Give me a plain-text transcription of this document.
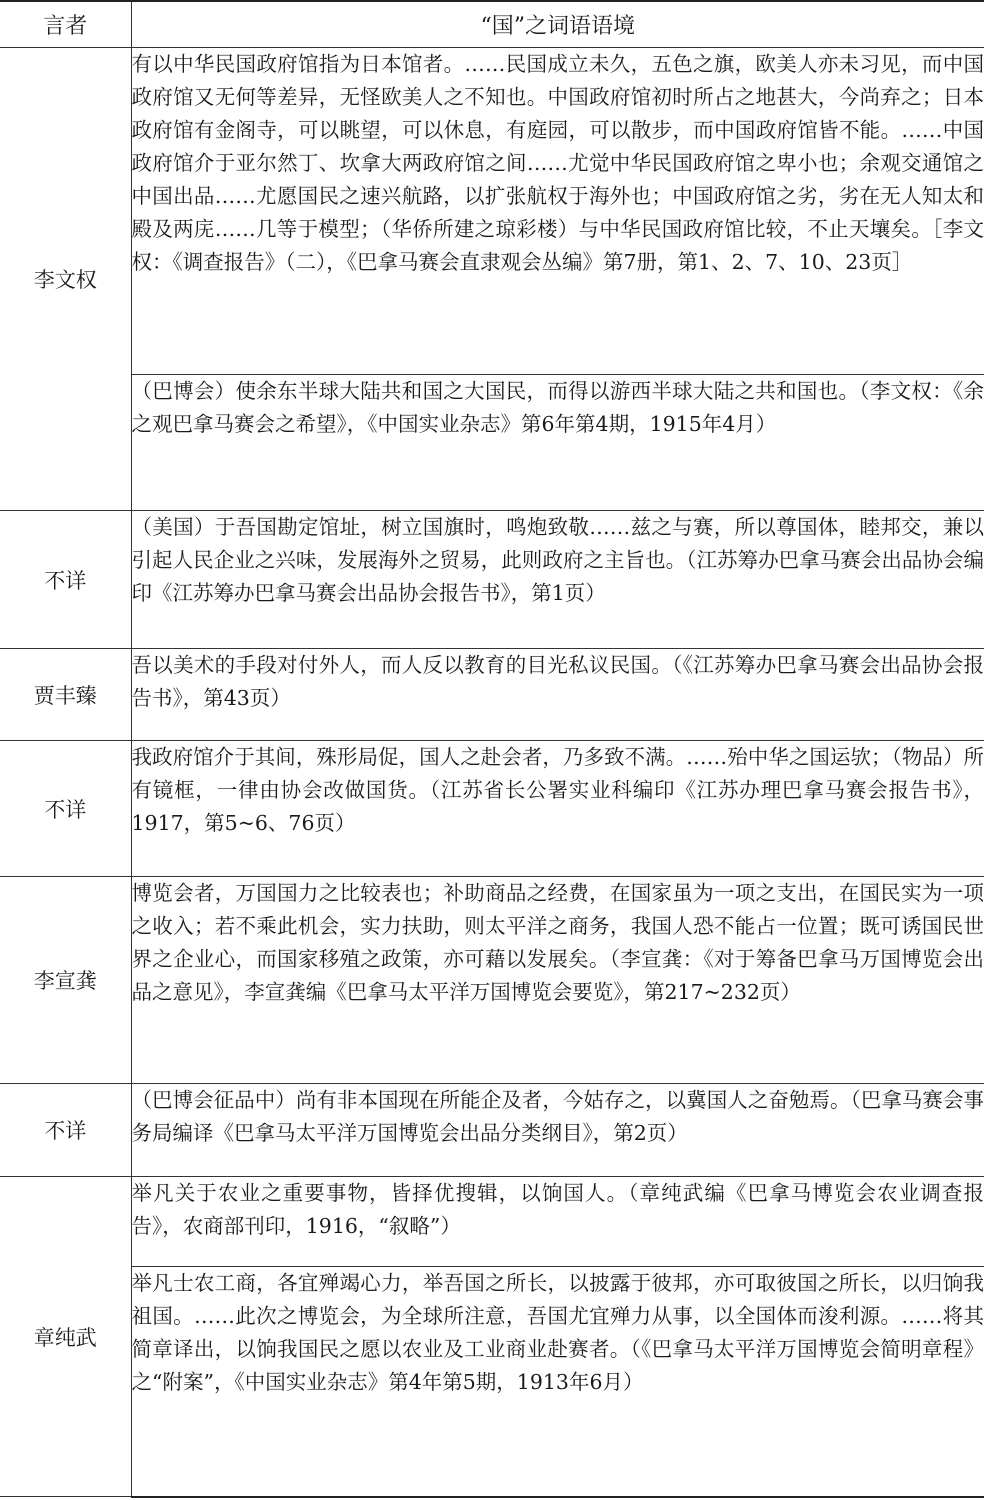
言者	“国”之词语语境
李文权	有以中华民国政府馆指为日本馆者。……民国成立未久，五色之旗，欧美人亦未习见，而中国政府馆又无何等差异，无怪欧美人之不知也。中国政府馆初时所占之地甚大，今尚弃之；日本政府馆有金阁寺，可以眺望，可以休息，有庭园，可以散步，而中国政府馆皆不能。……中国政府馆介于亚尔然丁、坎拿大两政府馆之间……尤觉中华民国政府馆之卑小也；余观交通馆之中国出品……尤愿国民之速兴航路，以扩张航权于海外也；中国政府馆之劣，劣在无人知太和殿及两庑……几等于模型；（华侨所建之琼彩楼）与中华民国政府馆比较，不止天壤矣。［李文权：《调查报告》（二），《巴拿马赛会直隶观会丛编》第7册，第1、2、7、10、23页］
	（巴博会）使余东半球大陆共和国之大国民，而得以游西半球大陆之共和国也。（李文权：《余之观巴拿马赛会之希望》，《中国实业杂志》第6年第4期，1915年4月）
不详	（美国）于吾国勘定馆址，树立国旗时，鸣炮致敬……兹之与赛，所以尊国体，睦邦交，兼以引起人民企业之兴味，发展海外之贸易，此则政府之主旨也。（江苏筹办巴拿马赛会出品协会编印《江苏筹办巴拿马赛会出品协会报告书》，第1页）
贾丰臻	吾以美术的手段对付外人，而人反以教育的目光私议民国。（《江苏筹办巴拿马赛会出品协会报告书》，第43页）
不详	我政府馆介于其间，殊形局促，国人之赴会者，乃多致不满。……殆中华之国运欤；（物品）所有镜框，一律由协会改做国货。（江苏省长公署实业科编印《江苏办理巴拿马赛会报告书》，1917，第5~6、76页）
李宣龚	博览会者，万国国力之比较表也；补助商品之经费，在国家虽为一项之支出，在国民实为一项之收入；若不乘此机会，实力扶助，则太平洋之商务，我国人恐不能占一位置；既可诱国民世界之企业心，而国家移殖之政策，亦可藉以发展矣。（李宣龚：《对于筹备巴拿马万国博览会出品之意见》，李宣龚编《巴拿马太平洋万国博览会要览》，第217~232页）
不详	（巴博会征品中）尚有非本国现在所能企及者，今姑存之，以冀国人之奋勉焉。（巴拿马赛会事务局编译《巴拿马太平洋万国博览会出品分类纲目》，第2页）
章纯武	举凡关于农业之重要事物，皆择优搜辑，以饷国人。（章纯武编《巴拿马博览会农业调查报告》，农商部刊印，1916，“叙略”）
	举凡士农工商，各宜殚竭心力，举吾国之所长，以披露于彼邦，亦可取彼国之所长，以归饷我祖国。……此次之博览会，为全球所注意，吾国尤宜殚力从事，以全国体而浚利源。……将其简章译出，以饷我国民之愿以农业及工业商业赴赛者。（《巴拿马太平洋万国博览会简明章程》之“附案”，《中国实业杂志》第4年第5期，1913年6月）
